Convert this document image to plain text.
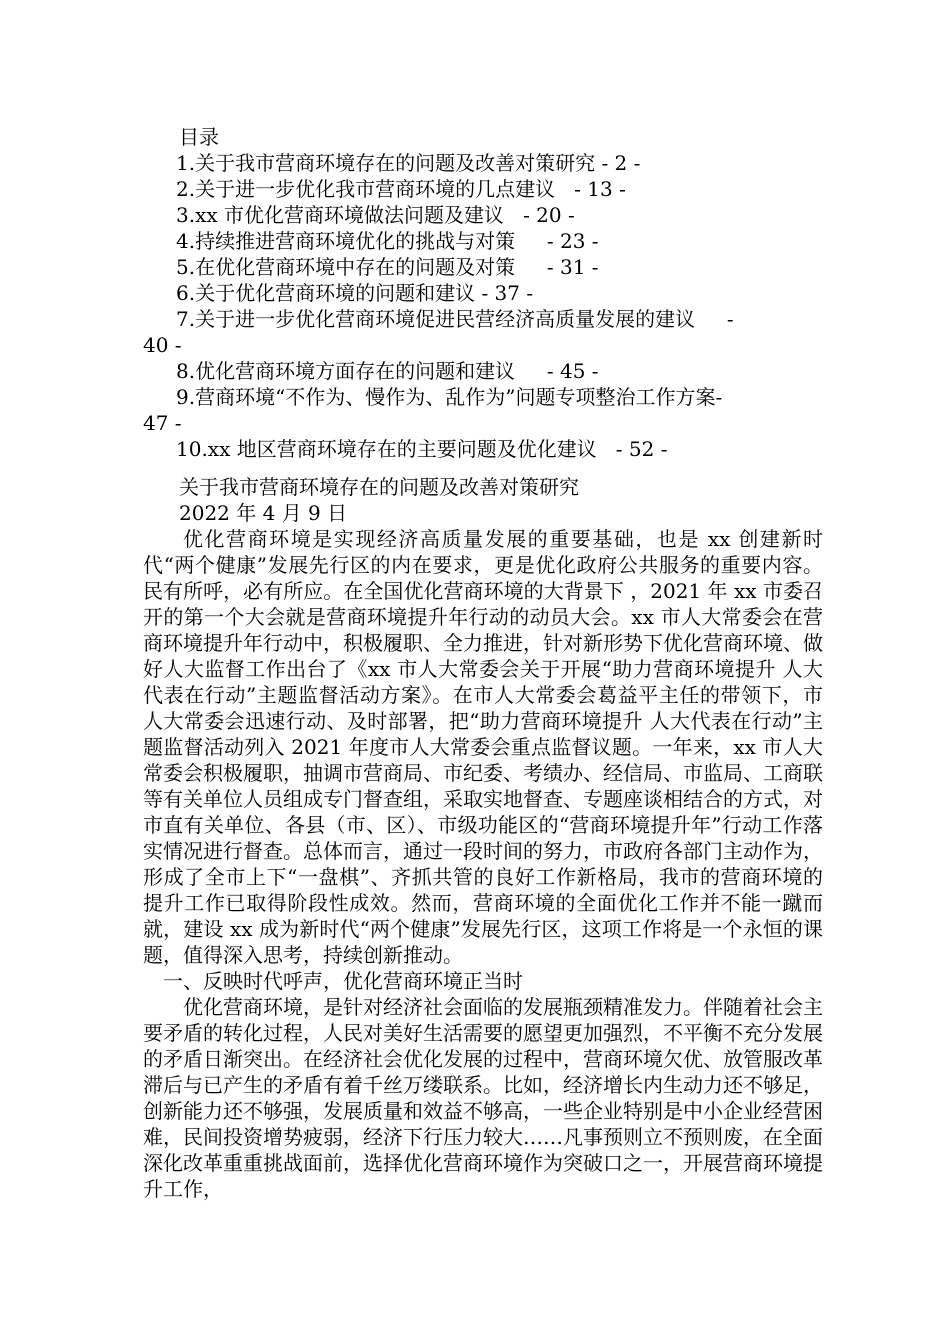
目录
1.关于我市营商环境存在的问题及改善对策研究 - 2 -
2.关于进一步优化我市营商环境的几点建议   - 13 -
3.xx 市优化营商环境做法问题及建议   - 20 -
4.持续推进营商环境优化的挑战与对策     - 23 -
5.在优化营商环境中存在的问题及对策     - 31 -
6.关于优化营商环境的问题和建议 - 37 -
7.关于进一步优化营商环境促进民营经济高质量发展的建议     -
40 -
8.优化营商环境方面存在的问题和建议     - 45 -
9.营商环境“不作为、慢作为、乱作为”问题专项整治工作方案-
47 -
10.xx 地区营商环境存在的主要问题及优化建议   - 52 -
关于我市营商环境存在的问题及改善对策研究
2022 年 4 月 9 日

优化营商环境是实现经济高质量发展的重要基础，也是 xx 创建新时代“两个健康”发展先行区的内在要求，更是优化政府公共服务的重要内容。民有所呼，必有所应。在全国优化营商环境的大背景下 ，2021 年 xx 市委召开的第一个大会就是营商环境提升年行动的动员大会。xx 市人大常委会在营商环境提升年行动中，积极履职、全力推进，针对新形势下优化营商环境、做好人大监督工作出台了《xx 市人大常委会关于开展“助力营商环境提升 人大代表在行动”主题监督活动方案》。在市人大常委会葛益平主任的带领下，市人大常委会迅速行动、及时部署，把“助力营商环境提升 人大代表在行动”主题监督活动列入 2021 年度市人大常委会重点监督议题。一年来，xx 市人大常委会积极履职，抽调市营商局、市纪委、考绩办、经信局、市监局、工商联等有关单位人员组成专门督查组，采取实地督查、专题座谈相结合的方式，对市直有关单位、各县（市、区）、市级功能区的“营商环境提升年”行动工作落实情况进行督查。总体而言，通过一段时间的努力，市政府各部门主动作为，形成了全市上下“一盘棋”、齐抓共管的良好工作新格局，我市的营商环境的提升工作已取得阶段性成效。然而，营商环境的全面优化工作并不能一蹴而就，建设 xx 成为新时代“两个健康”发展先行区，这项工作将是一个永恒的课题，值得深入思考，持续创新推动。

一、反映时代呼声，优化营商环境正当时

优化营商环境，是针对经济社会面临的发展瓶颈精准发力。伴随着社会主要矛盾的转化过程，人民对美好生活需要的愿望更加强烈，不平衡不充分发展的矛盾日渐突出。在经济社会优化发展的过程中，营商环境欠优、放管服改革滞后与已产生的矛盾有着千丝万缕联系。比如，经济增长内生动力还不够足，创新能力还不够强，发展质量和效益不够高，一些企业特别是中小企业经营困难，民间投资增势疲弱，经济下行压力较大……凡事预则立不预则废，在全面深化改革重重挑战面前，选择优化营商环境作为突破口之一，开展营商环境提升工作，
